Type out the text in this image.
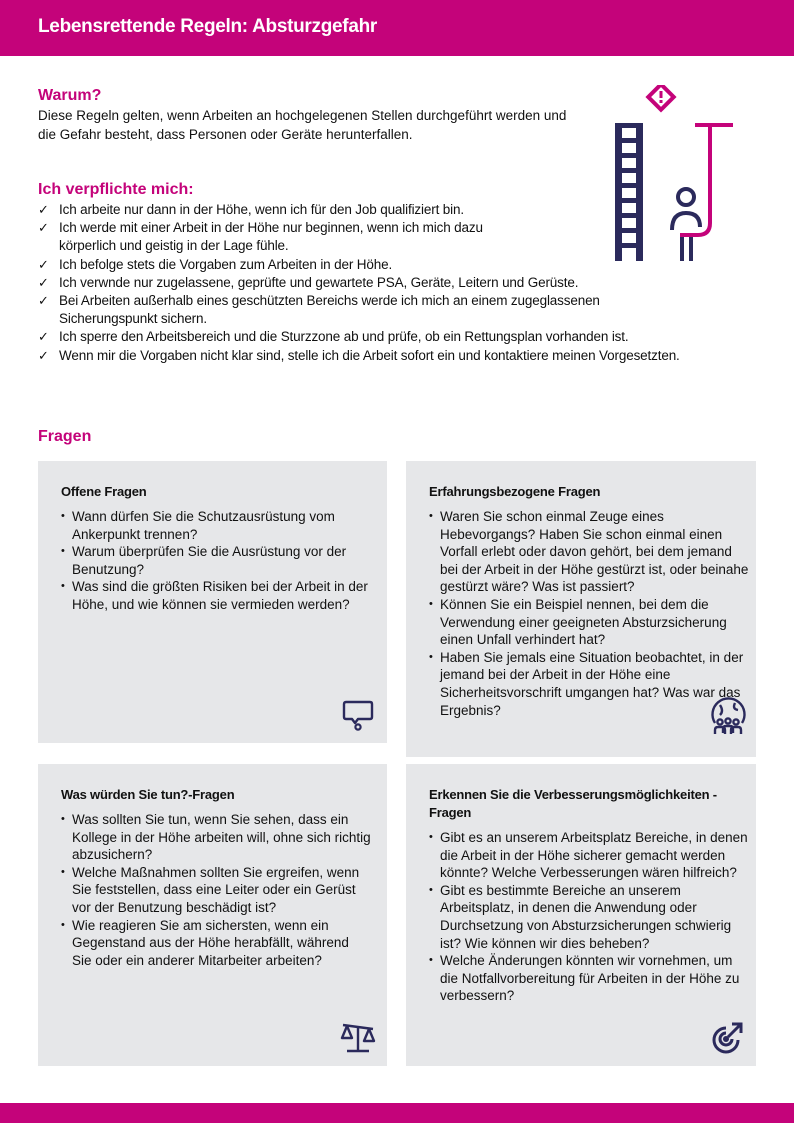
Lebensrettende Regeln: Absturzgefahr
Warum?

Diese Regeln gelten, wenn Arbeiten an hochgelegenen Stellen durchgeführt werden und die Gefahr besteht, dass Personen oder Geräte herunterfallen.

Ich verpflichte mich:
✓ Ich arbeite nur dann in der Höhe, wenn ich für den Job qualifiziert bin.
✓ Ich werde mit einer Arbeit in der Höhe nur beginnen, wenn ich mich dazu körperlich und geistig in der Lage fühle.
✓ Ich befolge stets die Vorgaben zum Arbeiten in der Höhe.
✓ Ich verwnde nur zugelassene, geprüfte und gewartete PSA, Geräte, Leitern und Gerüste.
✓ Bei Arbeiten außerhalb eines geschützten Bereichs werde ich mich an einem zugeglassenen Sicherungspunkt sichern.
✓ Ich sperre den Arbeitsbereich und die Sturzzone ab und prüfe, ob ein Rettungsplan vorhanden ist.
✓ Wenn mir die Vorgaben nicht klar sind, stelle ich die Arbeit sofort ein und kontaktiere meinen Vorgesetzten.
Fragen
Offene Fragen
• Wann dürfen Sie die Schutzausrüstung vom Ankerpunkt trennen?
• Warum überprüfen Sie die Ausrüstung vor der Benutzung?
• Was sind die größten Risiken bei der Arbeit in der Höhe, und wie können sie vermieden werden?
Erfahrungsbezogene Fragen
• Waren Sie schon einmal Zeuge eines Hebevorgangs? Haben Sie schon einmal einen Vorfall erlebt oder davon gehört, bei dem jemand bei der Arbeit in der Höhe gestürzt ist, oder beinahe gestürzt wäre? Was ist passiert?
• Können Sie ein Beispiel nennen, bei dem die Verwendung einer geeigneten Absturzsicherung einen Unfall verhindert hat?
• Haben Sie jemals eine Situation beobachtet, in der jemand bei der Arbeit in der Höhe eine Sicherheitsvorschrift umgangen hat? Was war das Ergebnis?
Was würden Sie tun?-Fragen
• Was sollten Sie tun, wenn Sie sehen, dass ein Kollege in der Höhe arbeiten will, ohne sich richtig abzusichern?
• Welche Maßnahmen sollten Sie ergreifen, wenn Sie feststellen, dass eine Leiter oder ein Gerüst vor der Benutzung beschädigt ist?
• Wie reagieren Sie am sichersten, wenn ein Gegenstand aus der Höhe herabfällt, während Sie oder ein anderer Mitarbeiter arbeiten?
Erkennen Sie die Verbesserungsmöglichkeiten - Fragen
• Gibt es an unserem Arbeitsplatz Bereiche, in denen die Arbeit in der Höhe sicherer gemacht werden könnte? Welche Verbesserungen wären hilfreich?
• Gibt es bestimmte Bereiche an unserem Arbeitsplatz, in denen die Anwendung oder Durchsetzung von Absturzsicherungen schwierig ist? Wie können wir dies beheben?
• Welche Änderungen könnten wir vornehmen, um die Notfallvorbereitung für Arbeiten in der Höhe zu verbessern?
